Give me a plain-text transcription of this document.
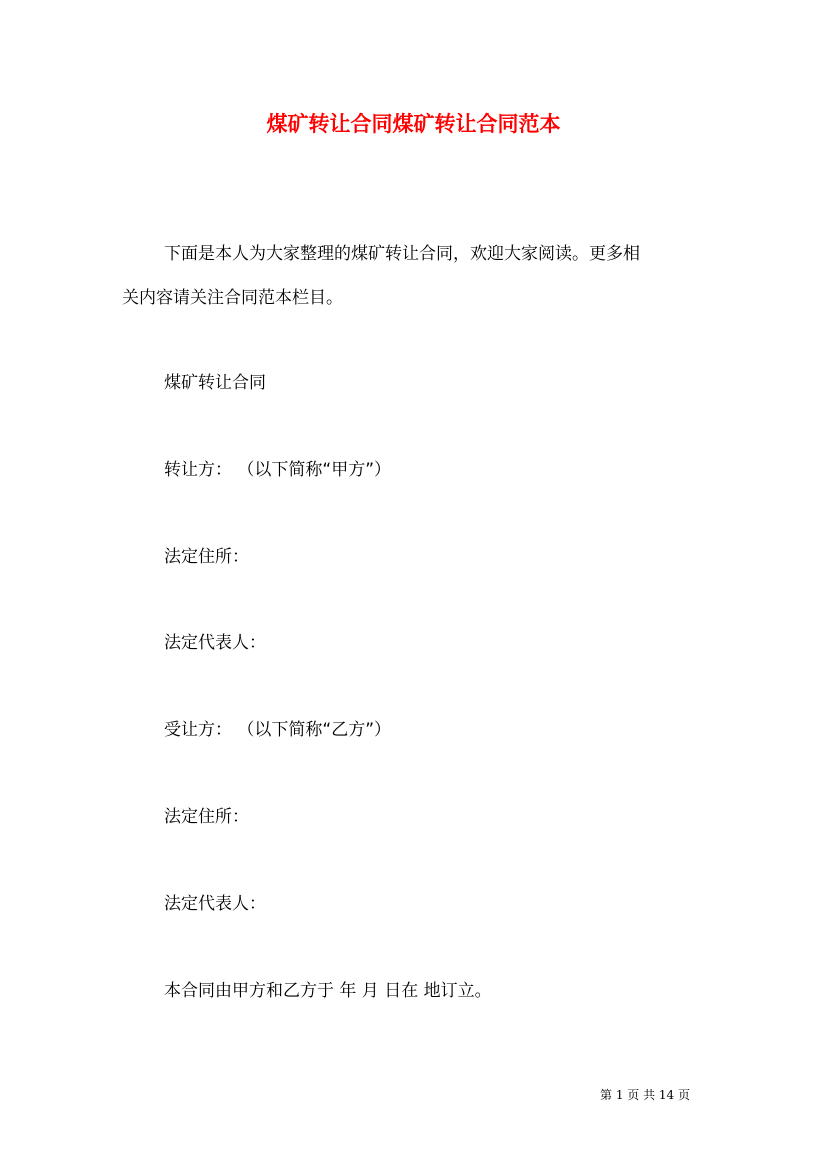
煤矿转让合同煤矿转让合同范本
下面是本人为大家整理的煤矿转让合同，欢迎大家阅读。更多相
关内容请关注合同范本栏目。
煤矿转让合同
转让方： （以下简称“甲方”）
法定住所：
法定代表人：
受让方： （以下简称“乙方”）
法定住所：
法定代表人：
本合同由甲方和乙方于 年 月 日在 地订立。
第 1 页 共 14 页
